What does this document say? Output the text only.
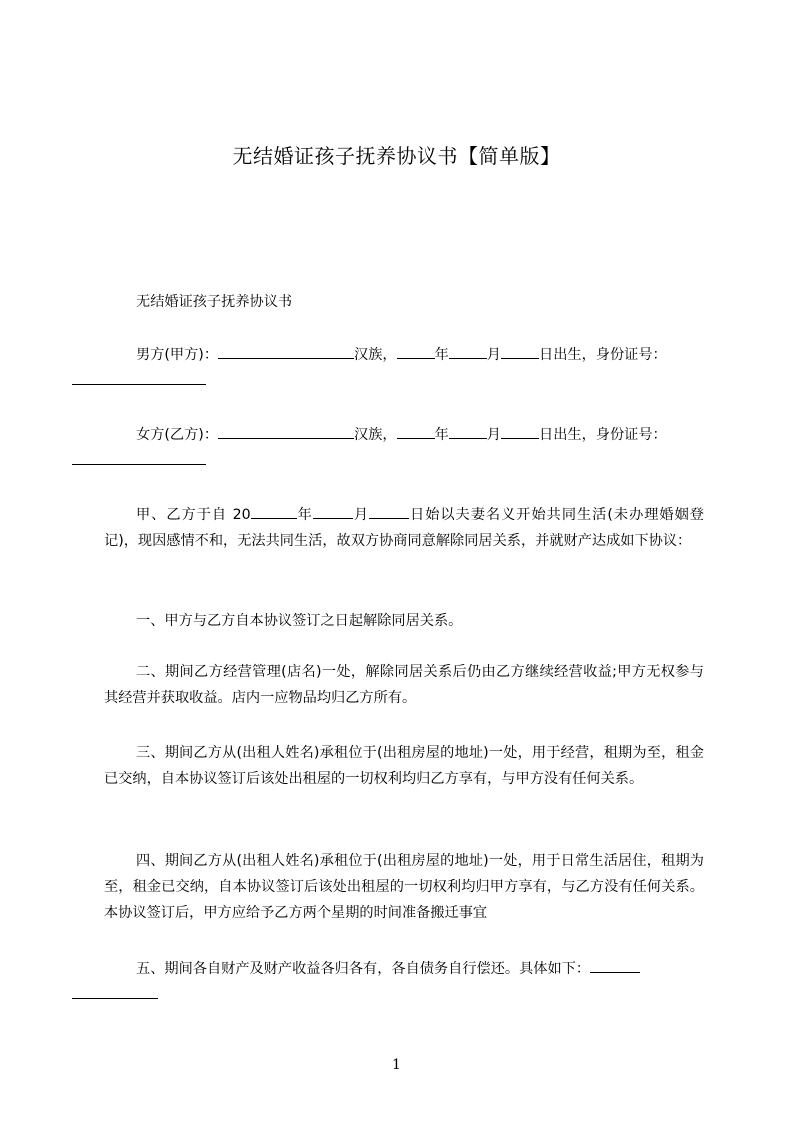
无结婚证孩子抚养协议书【简单版】

无结婚证孩子抚养协议书

男方(甲方)：	汉族，	年	月	日出生，身份证号：

女方(乙方)：	汉族，	年	月	日出生，身份证号：

甲、乙方于自 20	年	月	日始以夫妻名义开始共同生活(未办理婚姻登记)，现因感情不和，无法共同生活，故双方协商同意解除同居关系，并就财产达成如下协议：

一、甲方与乙方自本协议签订之日起解除同居关系。

二、期间乙方经营管理(店名)一处，解除同居关系后仍由乙方继续经营收益;甲方无权参与其经营并获取收益。店内一应物品均归乙方所有。

三、期间乙方从(出租人姓名)承租位于(出租房屋的地址)一处，用于经营，租期为至，租金已交纳，自本协议签订后该处出租屋的一切权利均归乙方享有，与甲方没有任何关系。

四、期间乙方从(出租人姓名)承租位于(出租房屋的地址)一处，用于日常生活居住，租期为至，租金已交纳，自本协议签订后该处出租屋的一切权利均归甲方享有，与乙方没有任何关系。本协议签订后，甲方应给予乙方两个星期的时间准备搬迁事宜

五、期间各自财产及财产收益各归各有，各自债务自行偿还。具体如下：

1
